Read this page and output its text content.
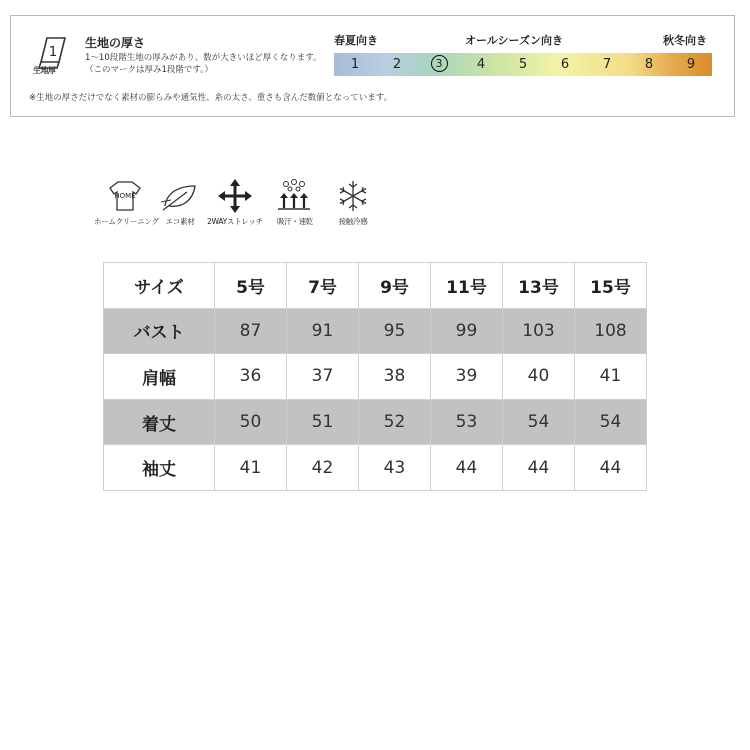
1
生地厚
生地の厚さ
1〜10段階生地の厚みがあり、数が大きいほど厚くなります。
（このマークは厚み1段階です。）
※生地の厚さだけでなく素材の膨らみや通気性、糸の太さ、重さも含んだ数値となっています。
春夏向き	オールシーズン向き	秋冬向き
1	2	3	4	5	6	7	8	9
HOME
ホームクリーニング エコ素材	2WAYストレッチ	吸汗・速乾	接触冷感
サイズ	5号	7号	9号	11号	13号	15号
バスト	87	91	95	99	103	108
肩幅	36	37	38	39	40	41
着丈	50	51	52	53	54	54
袖丈	41	42	43	44	44	44
